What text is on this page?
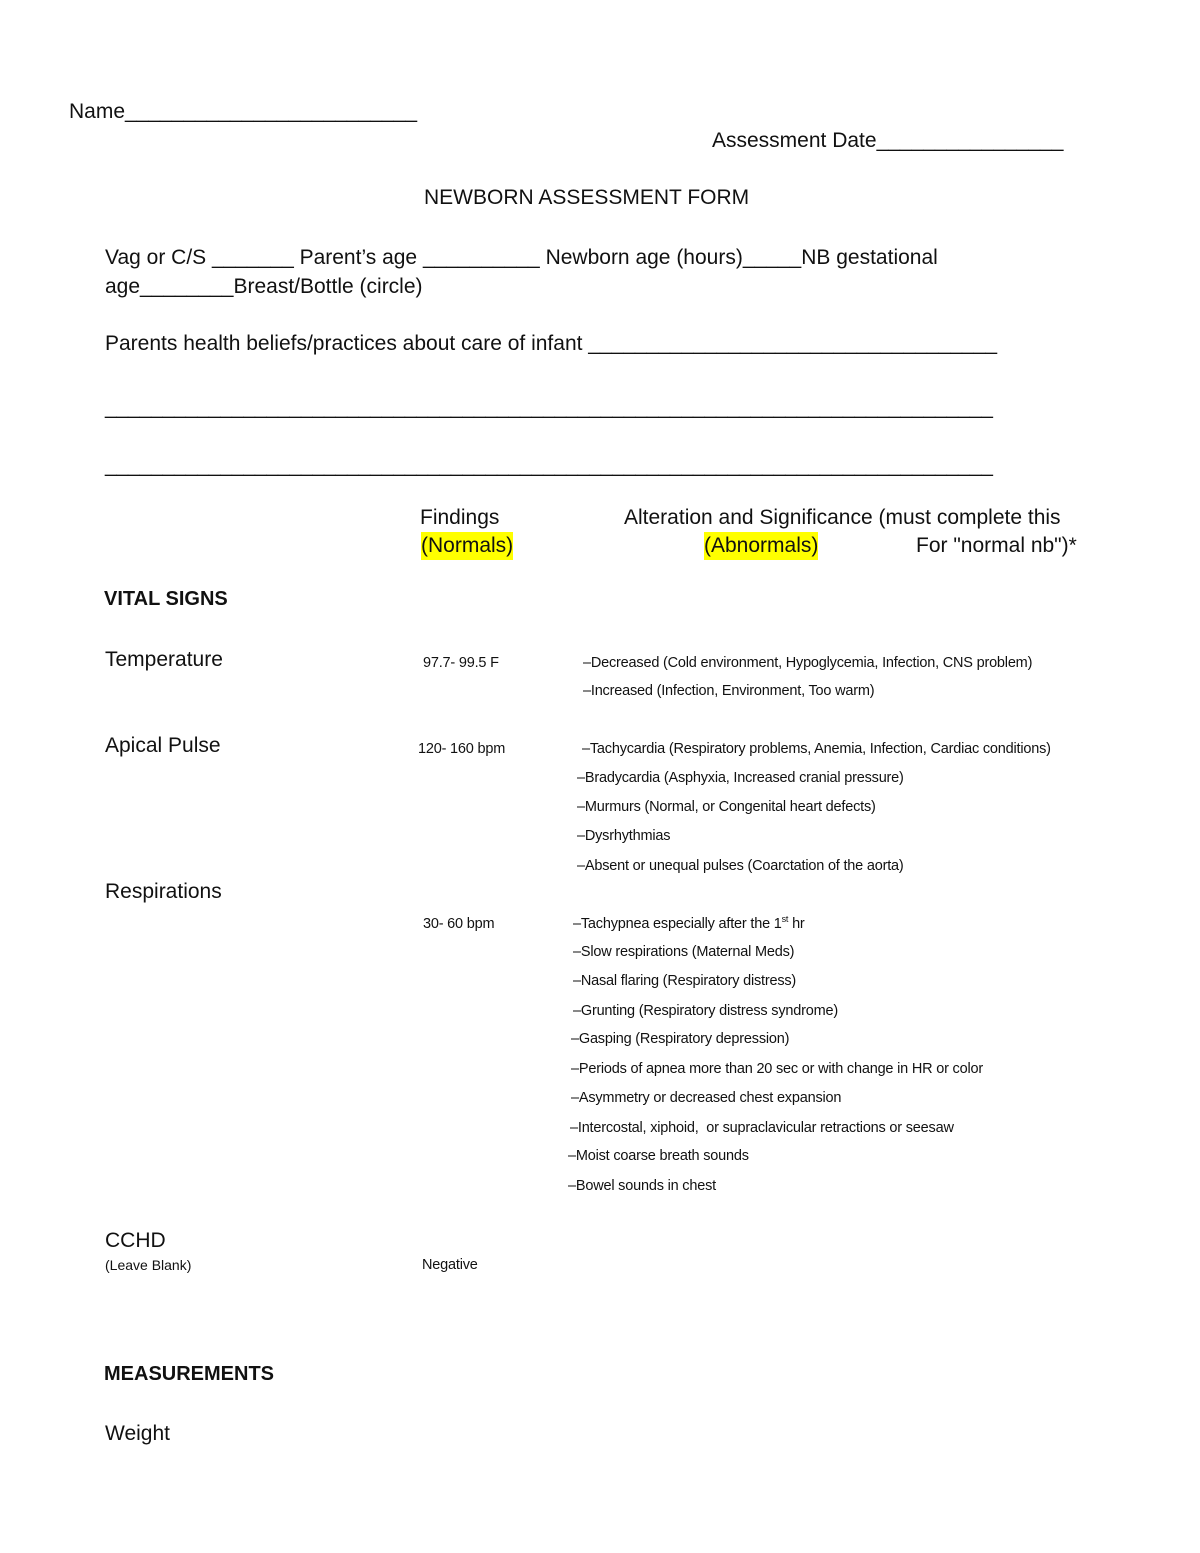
Name_________________________
Assessment Date________________
NEWBORN ASSESSMENT FORM
Vag or C/S _______ Parent’s age __________ Newborn age (hours)_____NB gestational
age________Breast/Bottle (circle)
Parents health beliefs/practices about care of infant ___________________________________
_____________________________________________________________________________
_____________________________________________________________________________
Findings
(Normals)
Alteration and Significance (must complete this
(Abnormals)	For "normal nb")*
VITAL SIGNS
Temperature	97.7- 99.5 F	–Decreased (Cold environment, Hypoglycemia, Infection, CNS problem)
–Increased (Infection, Environment, Too warm)
Apical Pulse	120- 160 bpm	–Tachycardia (Respiratory problems, Anemia, Infection, Cardiac conditions)
–Bradycardia (Asphyxia, Increased cranial pressure)
–Murmurs (Normal, or Congenital heart defects)
–Dysrhythmias
–Absent or unequal pulses (Coarctation of the aorta)
Respirations
30- 60 bpm	–Tachypnea especially after the 1st hr
–Slow respirations (Maternal Meds)
–Nasal flaring (Respiratory distress)
–Grunting (Respiratory distress syndrome)
–Gasping (Respiratory depression)
–Periods of apnea more than 20 sec or with change in HR or color
–Asymmetry or decreased chest expansion
–Intercostal, xiphoid,  or supraclavicular retractions or seesaw
–Moist coarse breath sounds
–Bowel sounds in chest
CCHD
(Leave Blank)	Negative
MEASUREMENTS
Weight
